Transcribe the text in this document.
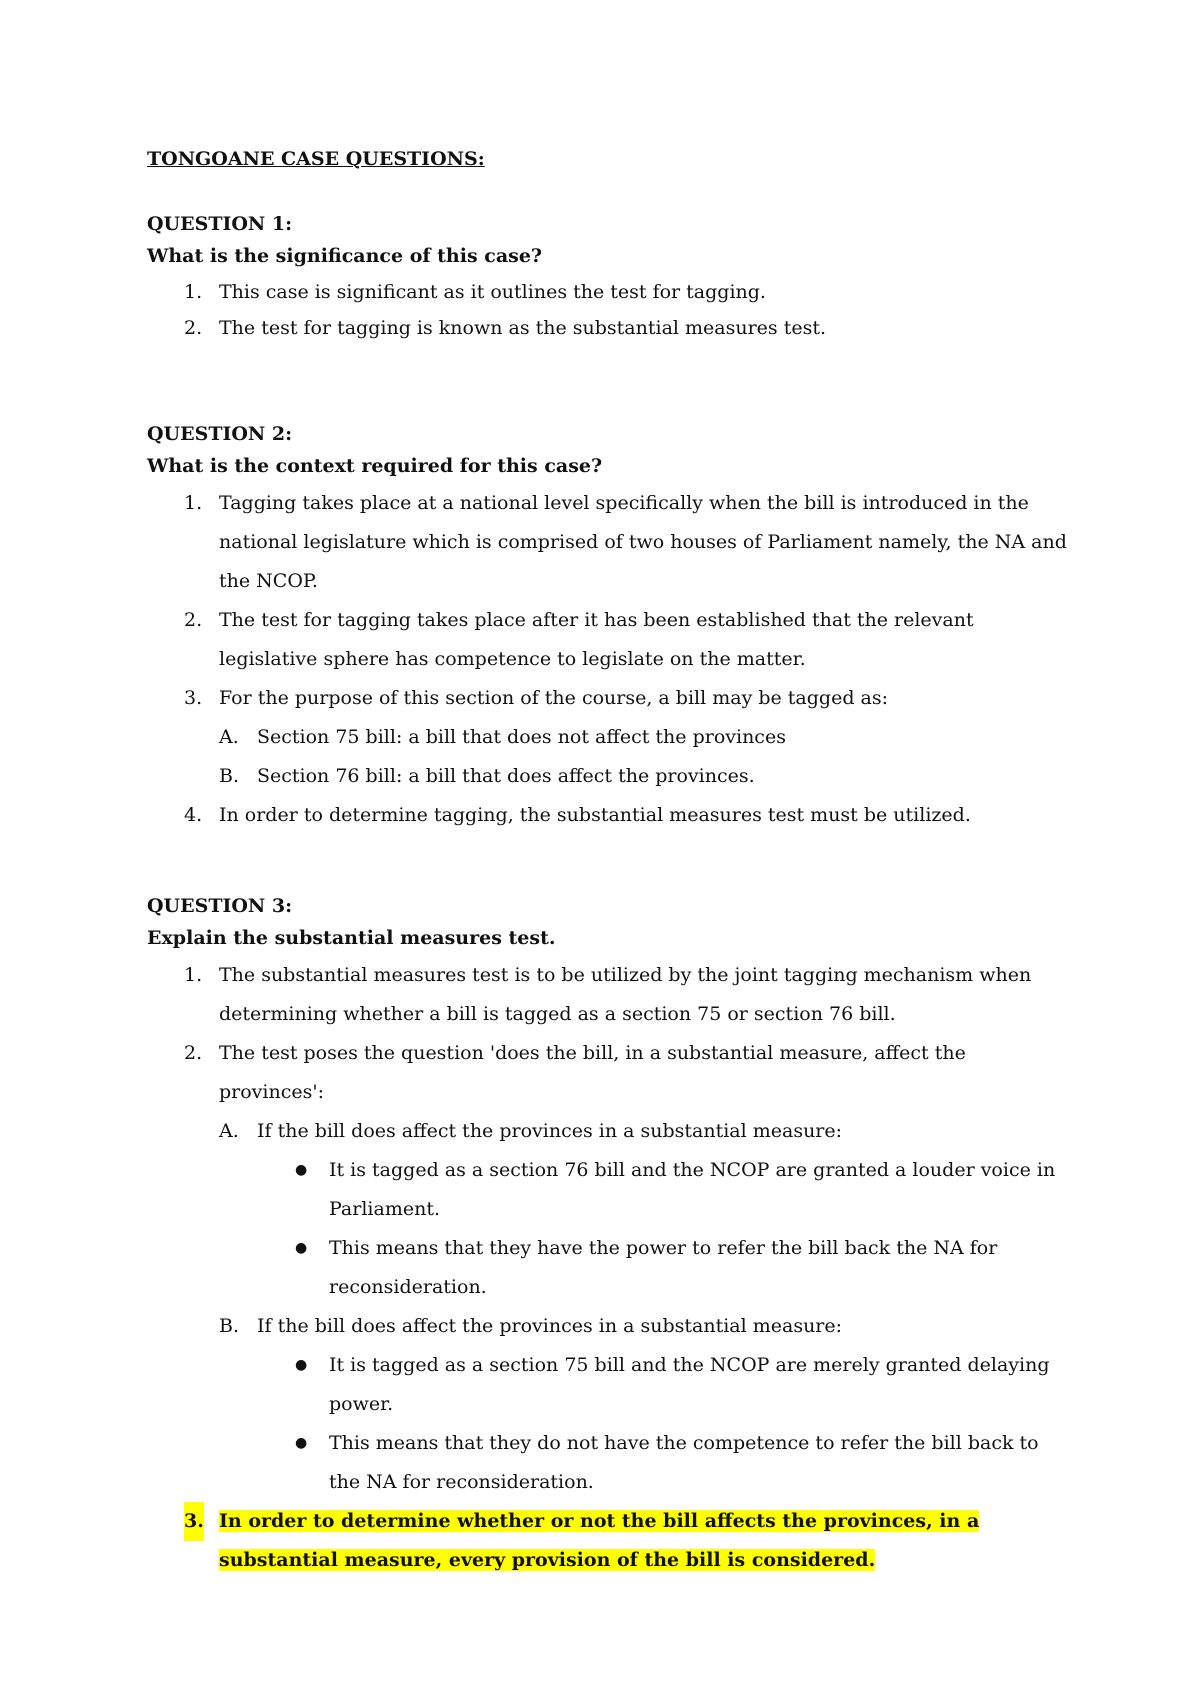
TONGOANE CASE QUESTIONS:

QUESTION 1:

What is the significance of this case?

1. This case is significant as it outlines the test for tagging.
2. The test for tagging is known as the substantial measures test.

QUESTION 2:

What is the context required for this case?

1. Tagging takes place at a national level specifically when the bill is introduced in the national legislature which is comprised of two houses of Parliament namely, the NA and the NCOP.
2. The test for tagging takes place after it has been established that the relevant legislative sphere has competence to legislate on the matter.
3. For the purpose of this section of the course, a bill may be tagged as:
A. Section 75 bill: a bill that does not affect the provinces
B. Section 76 bill: a bill that does affect the provinces.
4. In order to determine tagging, the substantial measures test must be utilized.

QUESTION 3:

Explain the substantial measures test.

1. The substantial measures test is to be utilized by the joint tagging mechanism when determining whether a bill is tagged as a section 75 or section 76 bill.
2. The test poses the question 'does the bill, in a substantial measure, affect the provinces':
A. If the bill does affect the provinces in a substantial measure:
● It is tagged as a section 76 bill and the NCOP are granted a louder voice in Parliament.
● This means that they have the power to refer the bill back the NA for reconsideration.
B. If the bill does affect the provinces in a substantial measure:
● It is tagged as a section 75 bill and the NCOP are merely granted delaying power.
● This means that they do not have the competence to refer the bill back to the NA for reconsideration.
3. In order to determine whether or not the bill affects the provinces, in a substantial measure, every provision of the bill is considered.
